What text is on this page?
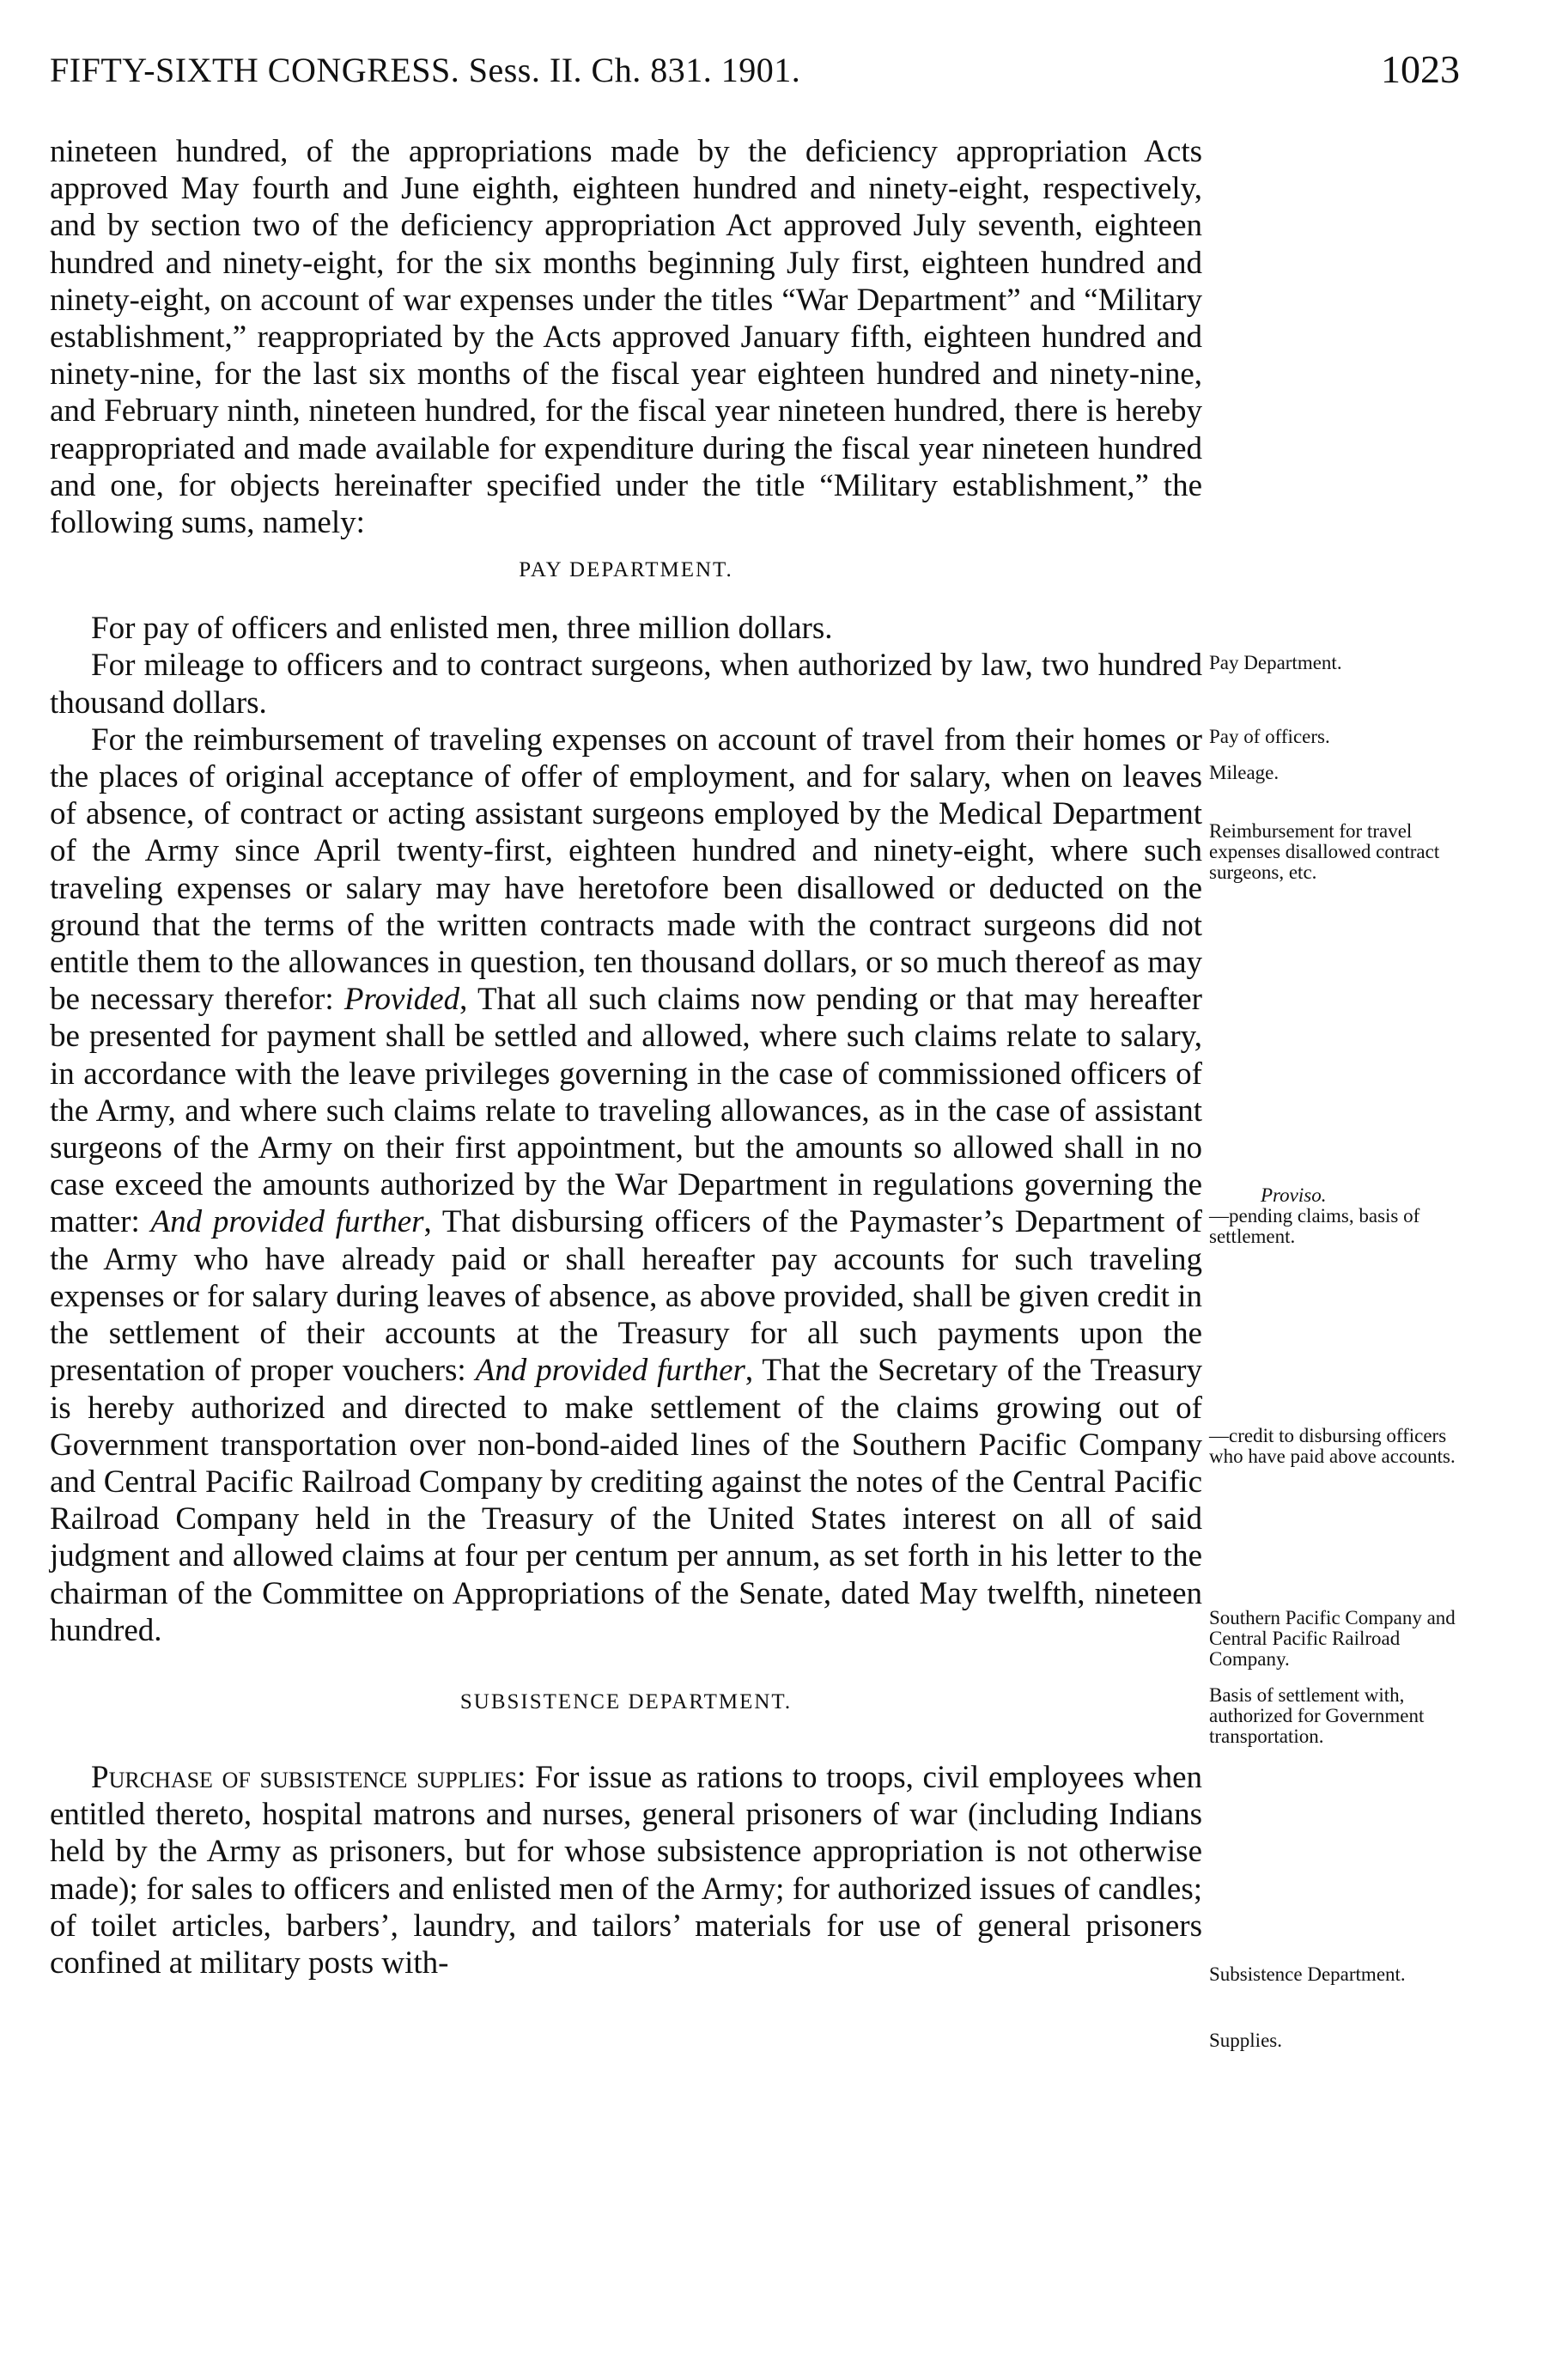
FIFTY-SIXTH CONGRESS. Sess. II. Ch. 831. 1901.	1023

nineteen hundred, of the appropriations made by the deficiency appropriation Acts approved May fourth and June eighth, eighteen hundred and ninety-eight, respectively, and by section two of the deficiency appropriation Act approved July seventh, eighteen hundred and ninety-eight, for the six months beginning July first, eighteen hundred and ninety-eight, on account of war expenses under the titles “War Department” and “Military establishment,” reappropriated by the Acts approved January fifth, eighteen hundred and ninety-nine, for the last six months of the fiscal year eighteen hundred and ninety-nine, and February ninth, nineteen hundred, for the fiscal year nineteen hundred, there is hereby reappropriated and made available for expenditure during the fiscal year nineteen hundred and one, for objects hereinafter specified under the title “Military establishment,” the following sums, namely:

PAY DEPARTMENT.

For pay of officers and enlisted men, three million dollars.

For mileage to officers and to contract surgeons, when authorized by law, two hundred thousand dollars.

For the reimbursement of traveling expenses on account of travel from their homes or the places of original acceptance of offer of employment, and for salary, when on leaves of absence, of contract or acting assistant surgeons employed by the Medical Department of the Army since April twenty-first, eighteen hundred and ninety-eight, where such traveling expenses or salary may have heretofore been disallowed or deducted on the ground that the terms of the written contracts made with the contract surgeons did not entitle them to the allowances in question, ten thousand dollars, or so much thereof as may be necessary therefor: Provided, That all such claims now pending or that may hereafter be presented for payment shall be settled and allowed, where such claims relate to salary, in accordance with the leave privileges governing in the case of commissioned officers of the Army, and where such claims relate to traveling allowances, as in the case of assistant surgeons of the Army on their first appointment, but the amounts so allowed shall in no case exceed the amounts authorized by the War Department in regulations governing the matter: And provided further, That disbursing officers of the Paymaster’s Department of the Army who have already paid or shall hereafter pay accounts for such traveling expenses or for salary during leaves of absence, as above provided, shall be given credit in the settlement of their accounts at the Treasury for all such payments upon the presentation of proper vouchers: And provided further, That the Secretary of the Treasury is hereby authorized and directed to make settlement of the claims growing out of Government transportation over non-bond-aided lines of the Southern Pacific Company and Central Pacific Railroad Company by crediting against the notes of the Central Pacific Railroad Company held in the Treasury of the United States interest on all of said judgment and allowed claims at four per centum per annum, as set forth in his letter to the chairman of the Committee on Appropriations of the Senate, dated May twelfth, nineteen hundred.

SUBSISTENCE DEPARTMENT.

Purchase of subsistence supplies: For issue as rations to troops, civil employees when entitled thereto, hospital matrons and nurses, general prisoners of war (including Indians held by the Army as prisoners, but for whose subsistence appropriation is not otherwise made); for sales to officers and enlisted men of the Army; for authorized issues of candles; of toilet articles, barbers’, laundry, and tailors’ materials for use of general prisoners confined at military posts with-

Pay Department.
Pay of officers.
Mileage.
Reimbursement for travel expenses disallowed contract surgeons, etc.
Proviso.
—pending claims, basis of settlement.
—credit to disbursing officers who have paid above accounts.
Southern Pacific Company and Central Pacific Railroad Company.
Basis of settlement with, authorized for Government transportation.
Subsistence Department.
Supplies.
